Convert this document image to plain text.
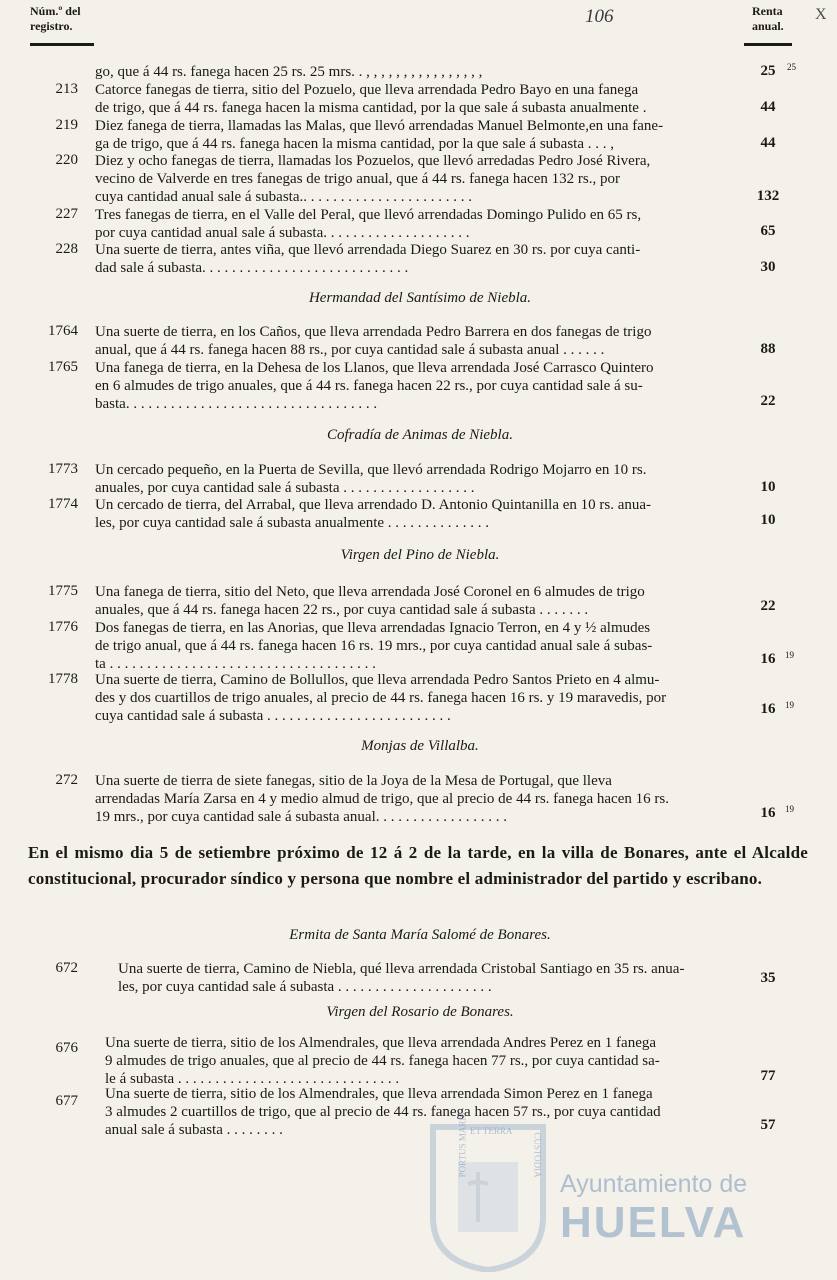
Núm.º del registro.
Renta anual.
106	X
go, que á 44 rs. fanega hacen 25 rs. 25 mrs. . , , , , , , , , , , , , , , , ,	25	25
213 Catorce fanegas de tierra, sitio del Pozuelo, que lleva arrendada Pedro Bayo en una fanega
de trigo, que á 44 rs. fanega hacen la misma cantidad, por la que sale á subasta anualmente .	44
219 Diez fanega de tierra, llamadas las Malas, que llevó arrendadas Manuel Belmonte,en una fane-
ga de trigo, que á 44 rs. fanega hacen la misma cantidad, por la que sale á subasta . . . ,	44
220 Diez y ocho fanegas de tierra, llamadas los Pozuelos, que llevó arredadas Pedro José Rivera,
vecino de Valverde en tres fanegas de trigo anual, que á 44 rs. fanega hacen 132 rs., por
cuya cantidad anual sale á subasta.. . . . . . . . . . . . . . . . . . . . . . .	132
227 Tres fanegas de tierra, en el Valle del Peral, que llevó arrendadas Domingo Pulido en 65 rs,
por cuya cantidad anual sale á subasta. . . . . . . . . . . . . . . . . . . .	65
228 Una suerte de tierra, antes viña, que llevó arrendada Diego Suarez en 30 rs. por cuya canti-
dad sale á subasta. . . . . . . . . . . . . . . . . . . . . . . . . . . .	30
Hermandad del Santísimo de Niebla.
1764 Una suerte de tierra, en los Caños, que lleva arrendada Pedro Barrera en dos fanegas de trigo
anual, que á 44 rs. fanega hacen 88 rs., por cuya cantidad sale á subasta anual . . . . . .	88
1765 Una fanega de tierra, en la Dehesa de los Llanos, que lleva arrendada José Carrasco Quintero
en 6 almudes de trigo anuales, que á 44 rs. fanega hacen 22 rs., por cuya cantidad sale á su-
basta. . . . . . . . . . . . . . . . . . . . . . . . . . . . . . . . . .	22
Cofradía de Animas de Niebla.
1773 Un cercado pequeño, en la Puerta de Sevilla, que llevó arrendada Rodrigo Mojarro en 10 rs.
anuales, por cuya cantidad sale á subasta . . . . . . . . . . . . . . . . . .	10
1774 Un cercado de tierra, del Arrabal, que lleva arrendado D. Antonio Quintanilla en 10 rs. anua-
les, por cuya cantidad sale á subasta anualmente . . . . . . . . . . . . . .	10
Virgen del Pino de Niebla.
1775 Una fanega de tierra, sitio del Neto, que lleva arrendada José Coronel en 6 almudes de trigo
anuales, que á 44 rs. fanega hacen 22 rs., por cuya cantidad sale á subasta . . . . . . .	22
1776 Dos fanegas de tierra, en las Anorias, que lleva arrendadas Ignacio Terron, en 4 y ½ almudes
de trigo anual, que á 44 rs. fanega hacen 16 rs. 19 mrs., por cuya cantidad anual sale á subas-
ta . . . . . . . . . . . . . . . . . . . . . . . . . . . . . . . . . . . .	16	19
1778 Una suerte de tierra, Camino de Bollullos, que lleva arrendada Pedro Santos Prieto en 4 almu-
des y dos cuartillos de trigo anuales, al precio de 44 rs. fanega hacen 16 rs. y 19 maravedis, por
cuya cantidad sale á subasta . . . . . . . . . . . . . . . . . . . . . . . . .	16	19
Monjas de Villalba.
272 Una suerte de tierra de siete fanegas, sitio de la Joya de la Mesa de Portugal, que lleva
arrendadas María Zarsa en 4 y medio almud de trigo, que al precio de 44 rs. fanega hacen 16 rs.
19 mrs., por cuya cantidad sale á subasta anual. . . . . . . . . . . . . . . . . .	16	19
En el mismo dia 5 de setiembre próximo de 12 á 2 de la tarde, en la villa de Bonares, ante el Alcalde constitucional, procurador síndico y persona que nombre el administrador del partido y escribano.
Ermita de Santa María Salomé de Bonares.
672	Una suerte de tierra, Camino de Niebla, qué lleva arrendada Cristobal Santiago en 35 rs. anua-
les, por cuya cantidad sale á subasta . . . . . . . . . . . . . . . . . . . . .
35
Virgen del Rosario de Bonares.
676 Una suerte de tierra, sitio de los Almendrales, que lleva arrendada Andres Perez en 1 fanega
9 almudes de trigo anuales, que al precio de 44 rs. fanega hacen 77 rs., por cuya cantidad sa-
le á subasta . . . . . . . . . . . . . . . . . . . . . . . . . . . . . .	77
677 Una suerte de tierra, sitio de los Almendrales, que lleva arrendada Simon Perez en 1 fanega
3 almudes 2 cuartillos de trigo, que al precio de 44 rs. fanega hacen 57 rs., por cuya cantidad
anual sale á subasta . . . . . . . .	57
PORTUS MARIS	CUSTODIA
ET TERRA
Ayuntamiento de
HUELVA
